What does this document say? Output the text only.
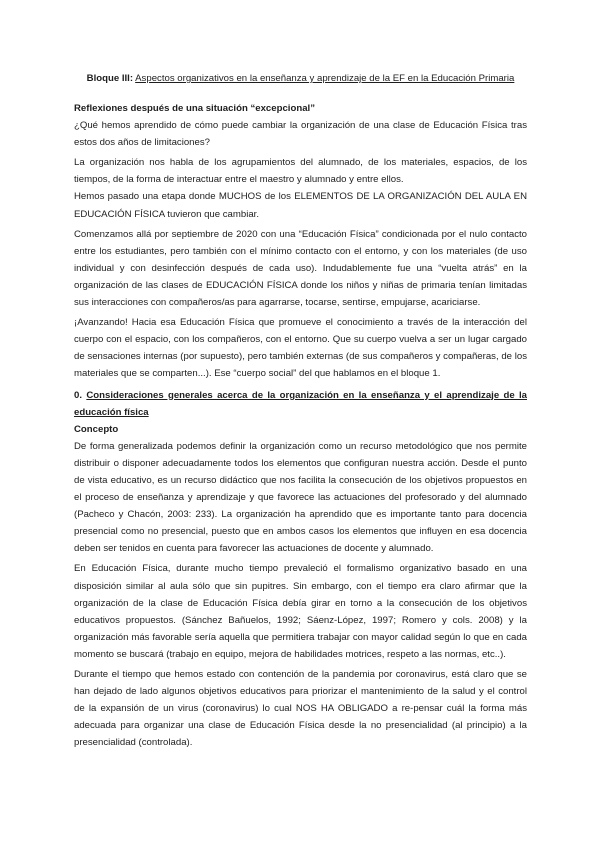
Bloque III: Aspectos organizativos en la enseñanza y aprendizaje de la EF en la Educación Primaria
Reflexiones después de una situación “excepcional”

¿Qué hemos aprendido de cómo puede cambiar la organización de una clase de Educación Física tras estos dos años de limitaciones?

La organización nos habla de los agrupamientos del alumnado, de los materiales, espacios, de los tiempos, de la forma de interactuar entre el maestro y alumnado y entre ellos.

Hemos pasado una etapa donde MUCHOS de los ELEMENTOS DE LA ORGANIZACIÓN DEL AULA EN EDUCACIÓN FÍSICA tuvieron que cambiar.

Comenzamos allá por septiembre de 2020 con una “Educación Física” condicionada por el nulo contacto entre los estudiantes, pero también con el mínimo contacto con el entorno, y con los materiales (de uso individual y con desinfección después de cada uso). Indudablemente fue una “vuelta atrás” en la organización de las clases de EDUCACIÓN FÍSICA donde los niños y niñas de primaria tenían limitadas sus interacciones con compañeros/as para agarrarse, tocarse, sentirse, empujarse, acariciarse.

¡Avanzando! Hacia esa Educación Física que promueve el conocimiento a través de la interacción del cuerpo con el espacio, con los compañeros, con el entorno. Que su cuerpo vuelva a ser un lugar cargado de sensaciones internas (por supuesto), pero también externas (de sus compañeros y compañeras, de los materiales que se comparten...). Ese “cuerpo social” del que hablamos en el bloque 1.

0. Consideraciones generales acerca de la organización en la enseñanza y el aprendizaje de la educación física
Concepto

De forma generalizada podemos definir la organización como un recurso metodológico que nos permite distribuir o disponer adecuadamente todos los elementos que configuran nuestra acción. Desde el punto de vista educativo, es un recurso didáctico que nos facilita la consecución de los objetivos propuestos en el proceso de enseñanza y aprendizaje y que favorece las actuaciones del profesorado y del alumnado (Pacheco y Chacón, 2003: 233). La organización ha aprendido que es importante tanto para docencia presencial como no presencial, puesto que en ambos casos los elementos que influyen en esa docencia deben ser tenidos en cuenta para favorecer las actuaciones de docente y alumnado.

En Educación Física, durante mucho tiempo prevaleció el formalismo organizativo basado en una disposición similar al aula sólo que sin pupitres. Sin embargo, con el tiempo era claro afirmar que la organización de la clase de Educación Física debía girar en torno a la consecución de los objetivos educativos propuestos. (Sánchez Bañuelos, 1992; Sáenz-López, 1997; Romero y cols. 2008) y la organización más favorable sería aquella que permitiera trabajar con mayor calidad según lo que en cada momento se buscará (trabajo en equipo, mejora de habilidades motrices, respeto a las normas, etc..).

Durante el tiempo que hemos estado con contención de la pandemia por coronavirus, está claro que se han dejado de lado algunos objetivos educativos para priorizar el mantenimiento de la salud y el control de la expansión de un virus (coronavirus) lo cual NOS HA OBLIGADO a re-pensar cuál la forma más adecuada para organizar una clase de Educación Física desde la no presencialidad (al principio) a la presencialidad (controlada).
